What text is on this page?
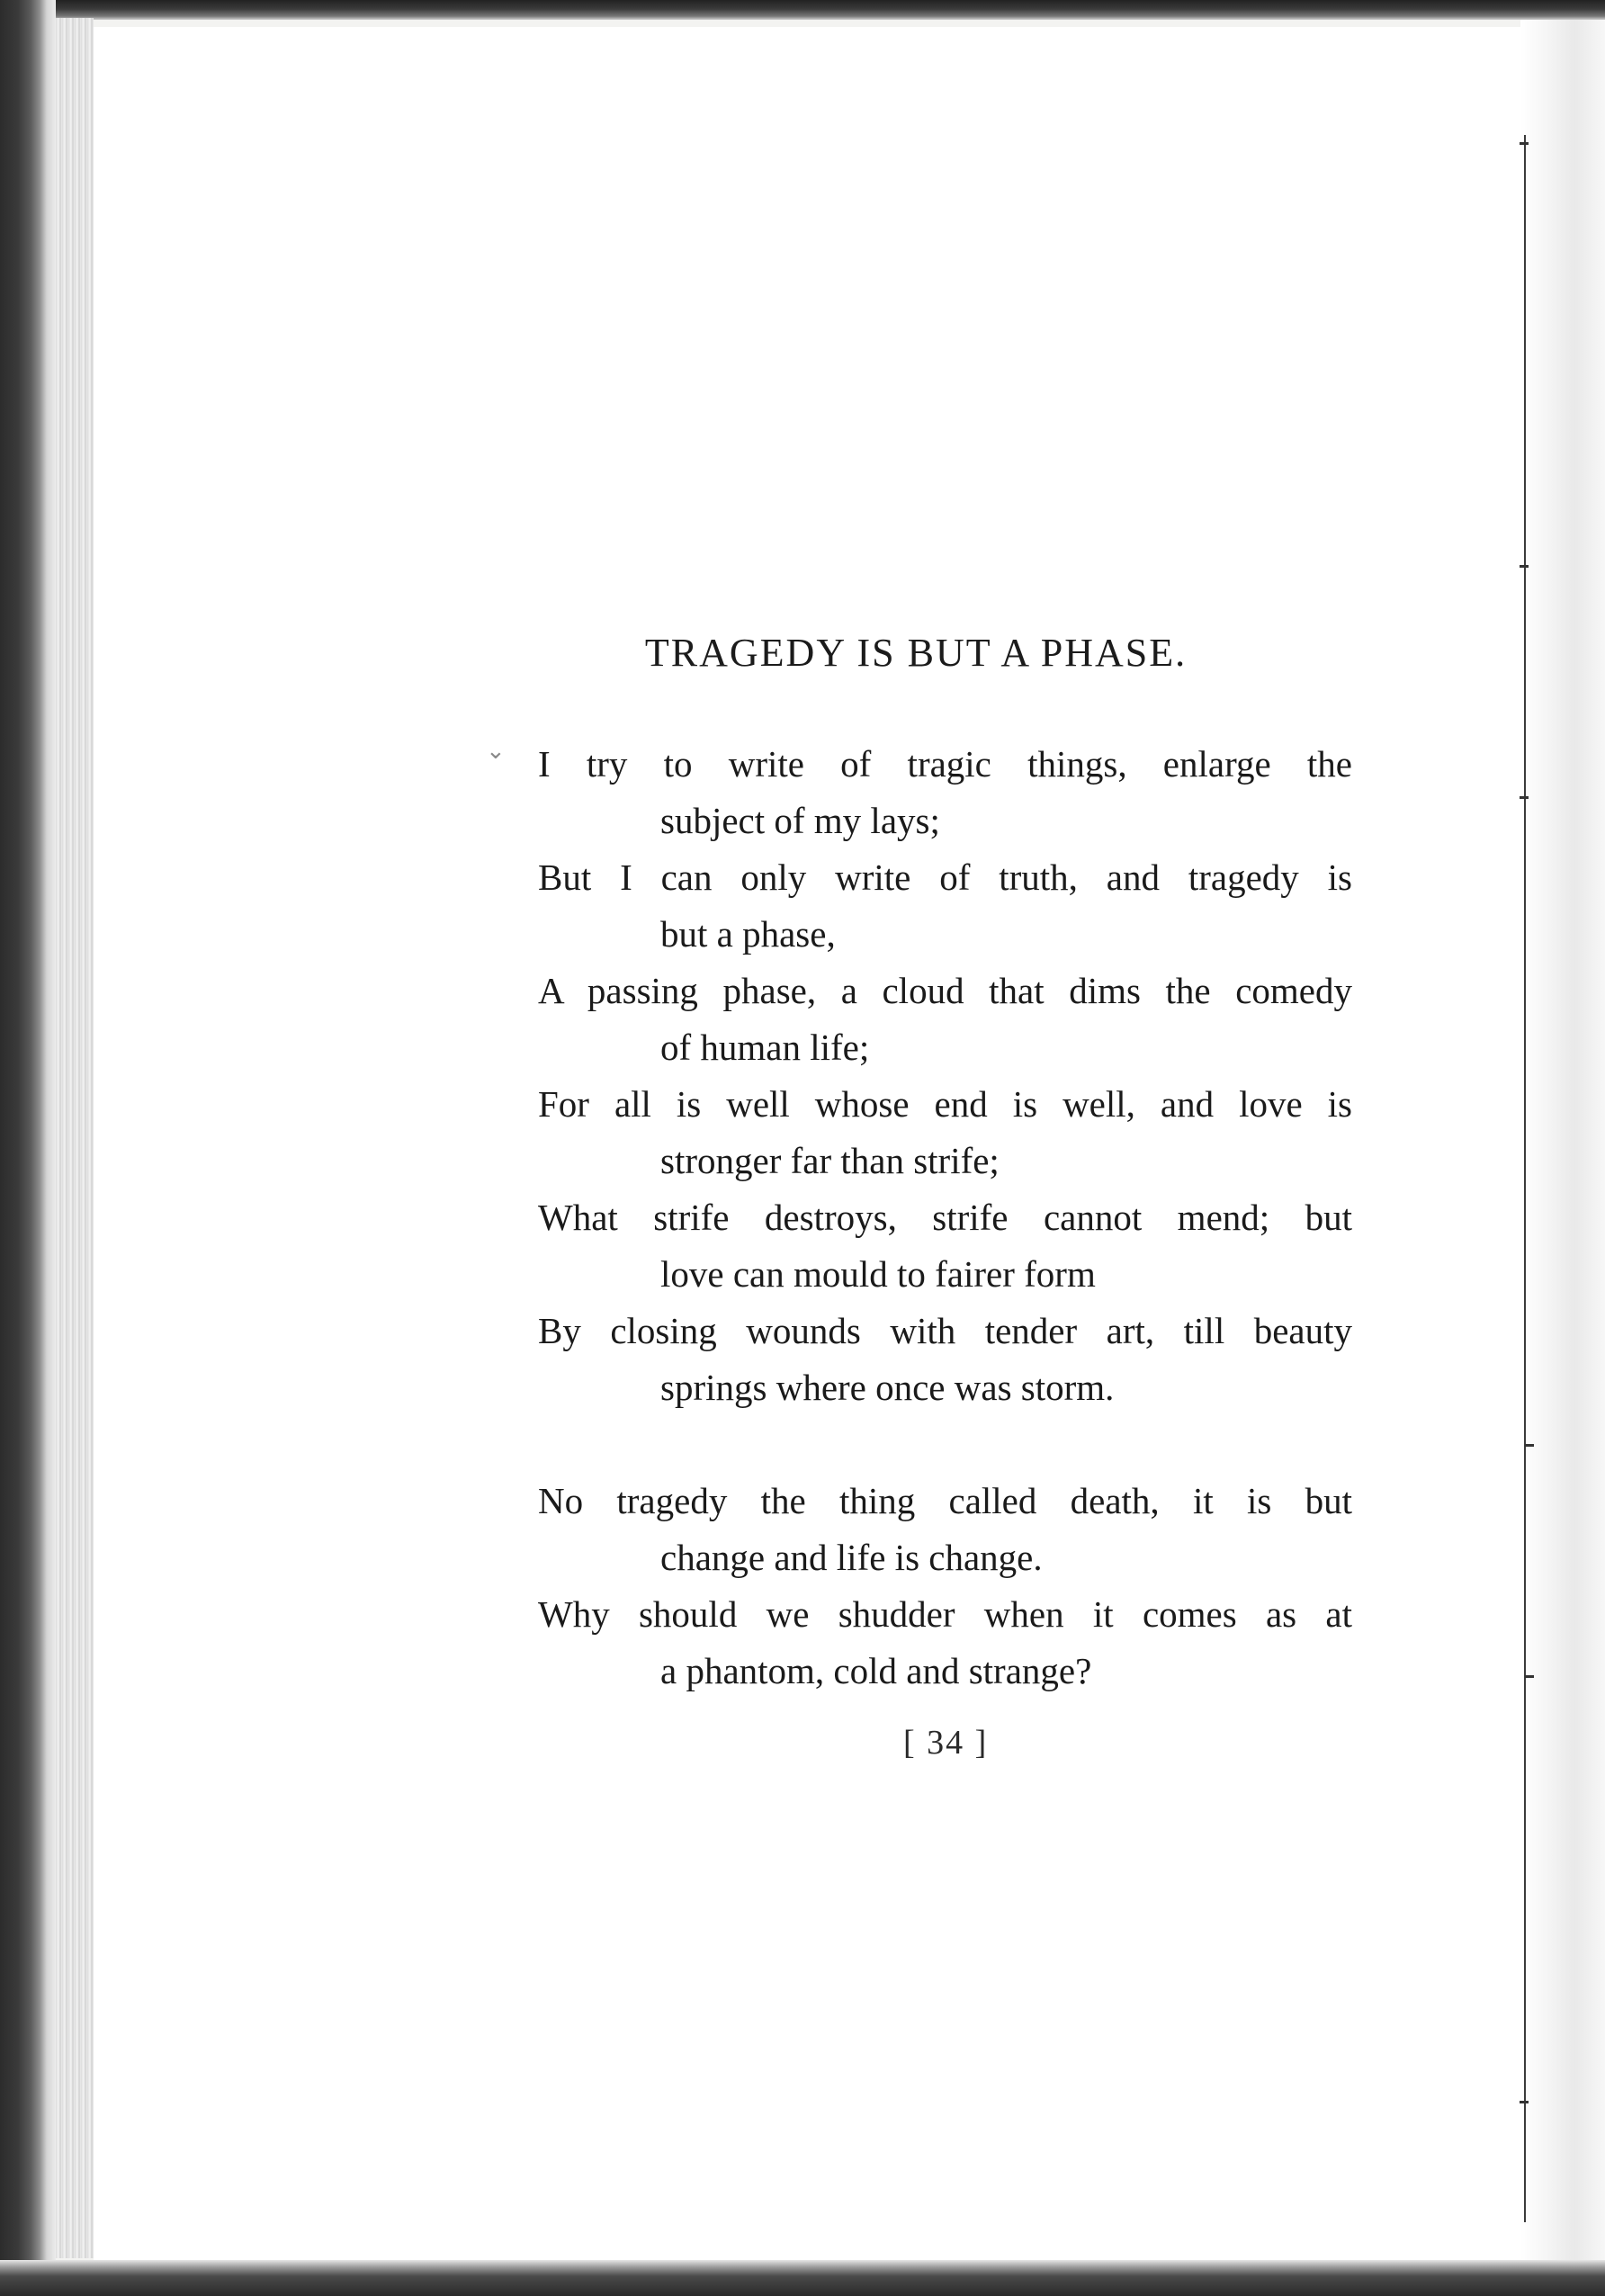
⌄
TRAGEDY IS BUT A PHASE.
I try to write of tragic things, enlarge the
subject of my lays;
But I can only write of truth, and tragedy is
but a phase,
A passing phase, a cloud that dims the comedy
of human life;
For all is well whose end is well, and love is
stronger far than strife;
What strife destroys, strife cannot mend; but
love can mould to fairer form
By closing wounds with tender art, till beauty
springs where once was storm.
No tragedy the thing called death, it is but
change and life is change.
Why should we shudder when it comes as at
a phantom, cold and strange?
[ 34 ]
